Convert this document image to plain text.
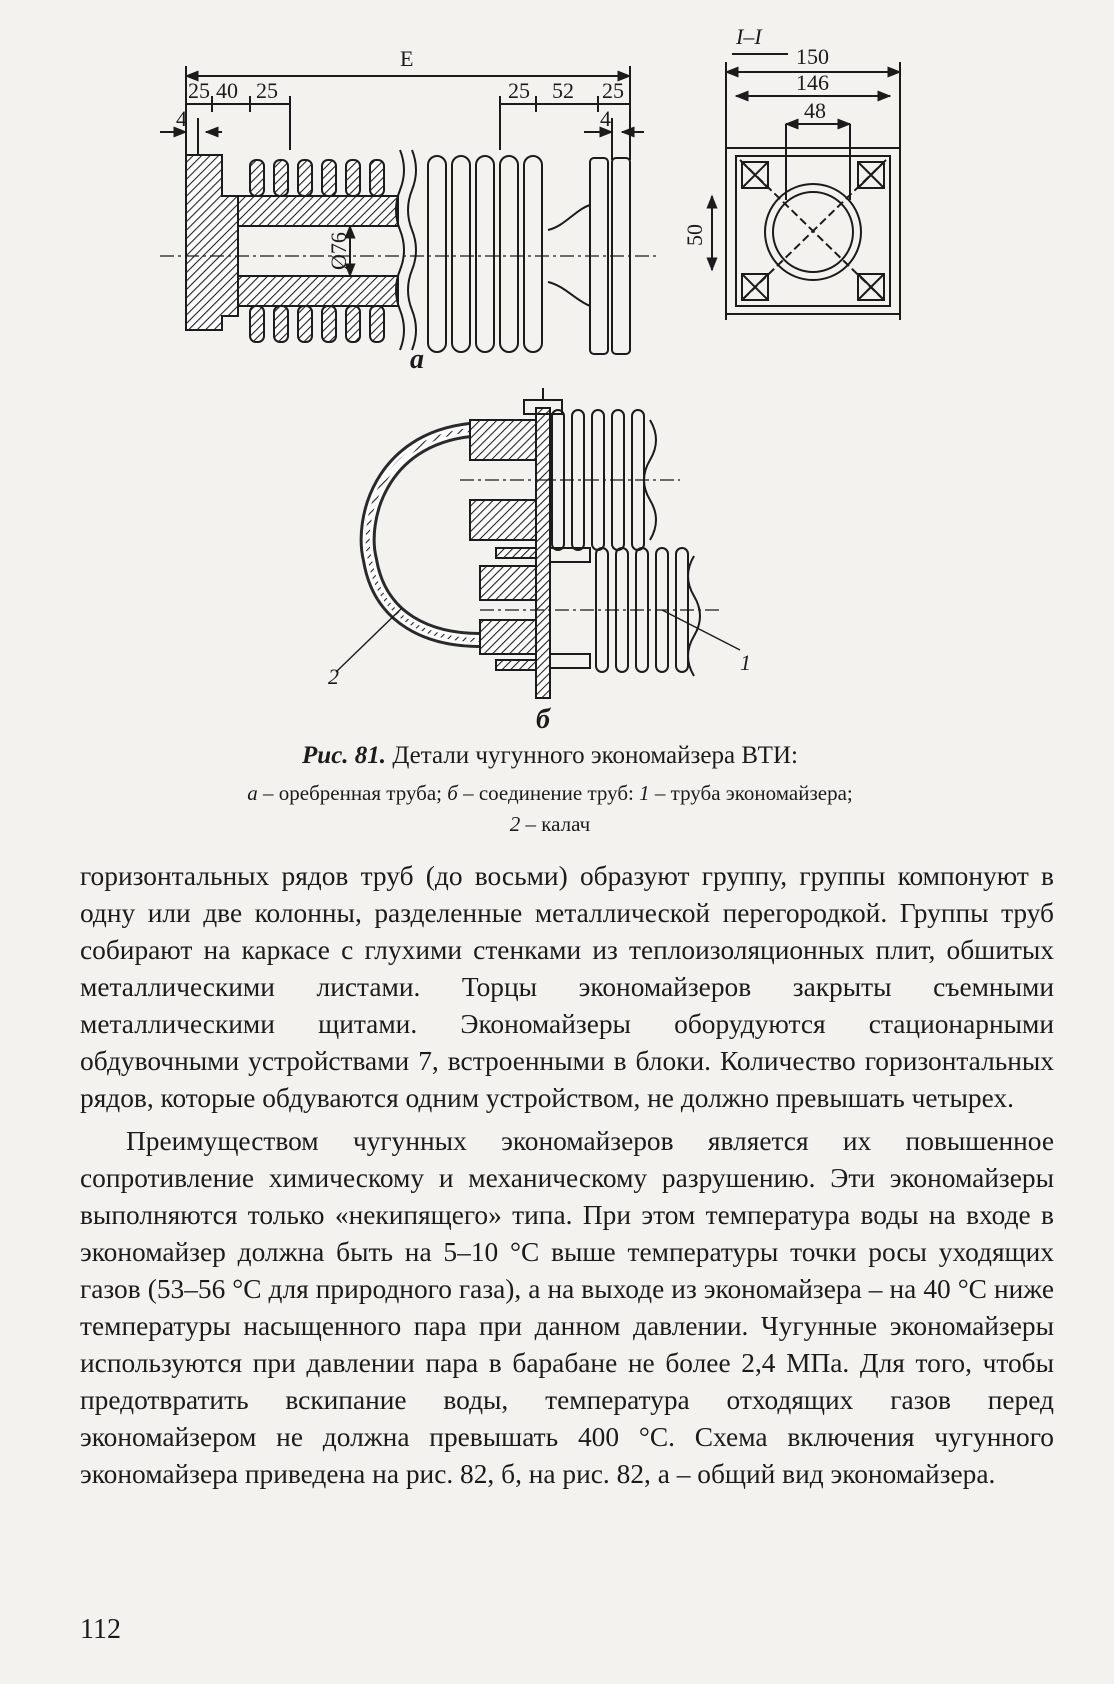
E
25 40 25
4
25 52 25
4
Ø76
а
I–I
150
146
48
50
2
1
б
Рис. 81. Детали чугунного экономайзера ВТИ:
а – оребренная труба; б – соединение труб: 1 – труба экономайзера;
2 – калач

горизонтальных рядов труб (до восьми) образуют группу, группы компонуют в одну или две колонны, разделенные металлической перегородкой. Группы труб собирают на каркасе с глухими стенками из теплоизоляционных плит, обшитых металлическими листами. Торцы экономайзеров закрыты съемными металлическими щитами. Экономайзеры оборудуются стационарными обдувочными устройствами 7, встроенными в блоки. Количество горизонтальных рядов, которые обдуваются одним устройством, не должно превышать четырех.

Преимуществом чугунных экономайзеров является их повышенное сопротивление химическому и механическому разрушению. Эти экономайзеры выполняются только «некипящего» типа. При этом температура воды на входе в экономайзер должна быть на 5–10 °С выше температуры точки росы уходящих газов (53–56 °С для природного газа), а на выходе из экономайзера – на 40 °С ниже температуры насыщенного пара при данном давлении. Чугунные экономайзеры используются при давлении пара в барабане не более 2,4 МПа. Для того, чтобы предотвратить вскипание воды, температура отходящих газов перед экономайзером не должна превышать 400 °С. Схема включения чугунного экономайзера приведена на рис. 82, б, на рис. 82, а – общий вид экономайзера.

112
